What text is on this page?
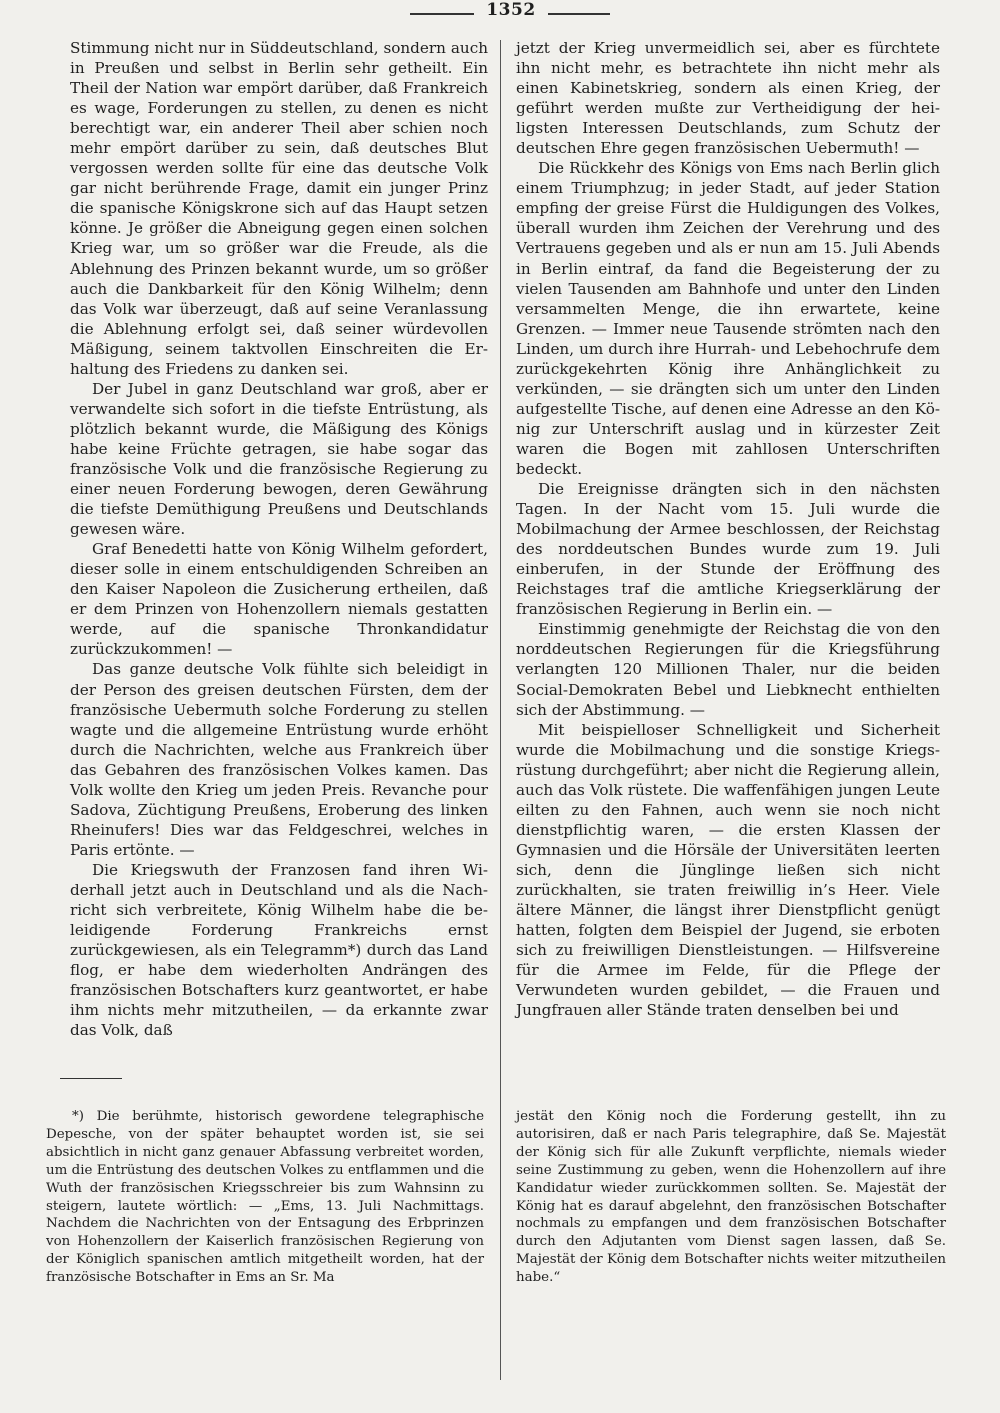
1352

Stimmung nicht nur in Süddeutschland, sondern auch in Preußen und selbst in Berlin sehr getheilt. Ein Theil der Nation war empört darüber, daß Frankreich es wage, Forderungen zu stellen, zu denen es nicht berechtigt war, ein anderer Theil aber schien noch mehr empört darüber zu sein, daß deutsches Blut vergossen werden sollte für eine das deutsche Volk gar nicht berührende Frage, damit ein junger Prinz die spanische Königskrone sich auf das Haupt setzen könne. Je größer die Abneigung gegen einen solchen Krieg war, um so größer war die Freude, als die Ablehnung des Prinzen bekannt wurde, um so größer auch die Dankbarkeit für den König Wilhelm; denn das Volk war überzeugt, daß auf seine Veranlassung die Ablehnung erfolgt sei, daß seiner würdevollen Mäßigung, seinem taktvollen Einschreiten die Erhaltung des Friedens zu danken sei.

Der Jubel in ganz Deutschland war groß, aber er verwandelte sich sofort in die tiefste Entrüstung, als plötzlich bekannt wurde, die Mäßigung des Königs habe keine Früchte getragen, sie habe sogar das französische Volk und die französische Regierung zu einer neuen Forderung bewogen, deren Gewährung die tiefste Demüthigung Preußens und Deutschlands gewesen wäre.

Graf Benedetti hatte von König Wilhelm gefordert, dieser solle in einem entschuldigenden Schreiben an den Kaiser Napoleon die Zusicherung ertheilen, daß er dem Prinzen von Hohenzollern niemals gestatten werde, auf die spanische Thronkandidatur zurückzukommen! —

Das ganze deutsche Volk fühlte sich beleidigt in der Person des greisen deutschen Fürsten, dem der französische Uebermuth solche Forderung zu stellen wagte und die allgemeine Entrüstung wurde erhöht durch die Nachrichten, welche aus Frankreich über das Gebahren des französischen Volkes kamen. Das Volk wollte den Krieg um jeden Preis. Revanche pour Sadova, Züchtigung Preußens, Eroberung des linken Rheinufers! Dies war das Feldgeschrei, welches in Paris ertönte. —

Die Kriegswuth der Franzosen fand ihren Widerhall jetzt auch in Deutschland und als die Nachricht sich verbreitete, König Wilhelm habe die beleidigende Forderung Frankreichs ernst zurückgewiesen, als ein Telegramm*) durch das Land flog, er habe dem wiederholten Andrängen des französischen Botschafters kurz geantwortet, er habe ihm nichts mehr mitzutheilen, — da erkannte zwar das Volk, daß

jetzt der Krieg unvermeidlich sei, aber es fürchtete ihn nicht mehr, es betrachtete ihn nicht mehr als einen Kabinetskrieg, sondern als einen Krieg, der geführt werden mußte zur Vertheidigung der heiligsten Interessen Deutschlands, zum Schutz der deutschen Ehre gegen französischen Uebermuth! —

Die Rückkehr des Königs von Ems nach Berlin glich einem Triumphzug; in jeder Stadt, auf jeder Station empfing der greise Fürst die Huldigungen des Volkes, überall wurden ihm Zeichen der Verehrung und des Vertrauens gegeben und als er nun am 15. Juli Abends in Berlin eintraf, da fand die Begeisterung der zu vielen Tausenden am Bahnhofe und unter den Linden versammelten Menge, die ihn erwartete, keine Grenzen. — Immer neue Tausende strömten nach den Linden, um durch ihre Hurrah- und Lebehochrufe dem zurückgekehrten König ihre Anhänglichkeit zu verkünden, — sie drängten sich um unter den Linden aufgestellte Tische, auf denen eine Adresse an den König zur Unterschrift auslag und in kürzester Zeit waren die Bogen mit zahllosen Unterschriften bedeckt.

Die Ereignisse drängten sich in den nächsten Tagen. In der Nacht vom 15. Juli wurde die Mobilmachung der Armee beschlossen, der Reichstag des norddeutschen Bundes wurde zum 19. Juli einberufen, in der Stunde der Eröffnung des Reichstages traf die amtliche Kriegserklärung der französischen Regierung in Berlin ein. —

Einstimmig genehmigte der Reichstag die von den norddeutschen Regierungen für die Kriegsführung verlangten 120 Millionen Thaler, nur die beiden Social-Demokraten Bebel und Liebknecht enthielten sich der Abstimmung. —

Mit beispielloser Schnelligkeit und Sicherheit wurde die Mobilmachung und die sonstige Kriegsrüstung durchgeführt; aber nicht die Regierung allein, auch das Volk rüstete. Die waffenfähigen jungen Leute eilten zu den Fahnen, auch wenn sie noch nicht dienstpflichtig waren, — die ersten Klassen der Gymnasien und die Hörsäle der Universitäten leerten sich, denn die Jünglinge ließen sich nicht zurückhalten, sie traten freiwillig in’s Heer. Viele ältere Männer, die längst ihrer Dienstpflicht genügt hatten, folgten dem Beispiel der Jugend, sie erboten sich zu freiwilligen Dienstleistungen. — Hilfsvereine für die Armee im Felde, für die Pflege der Verwundeten wurden gebildet, — die Frauen und Jungfrauen aller Stände traten denselben bei und

*) Die berühmte, historisch gewordene telegraphische Depesche, von der später behauptet worden ist, sie sei absichtlich in nicht ganz genauer Abfassung verbreitet worden, um die Entrüstung des deutschen Volkes zu entflammen und die Wuth der französischen Kriegsschreier bis zum Wahnsinn zu steigern, lautete wörtlich: — „Ems, 13. Juli Nachmittags. Nachdem die Nachrichten von der Entsagung des Erbprinzen von Hohenzollern der Kaiserlich französischen Regierung von der Königlich spanischen amtlich mitgetheilt worden, hat der französische Botschafter in Ems an Sr. Ma

jestät den König noch die Forderung gestellt, ihn zu autorisiren, daß er nach Paris telegraphire, daß Se. Majestät der König sich für alle Zukunft verpflichte, niemals wieder seine Zustimmung zu geben, wenn die Hohenzollern auf ihre Kandidatur wieder zurückkommen sollten. Se. Majestät der König hat es darauf abgelehnt, den französischen Botschafter nochmals zu empfangen und dem französischen Botschafter durch den Adjutanten vom Dienst sagen lassen, daß Se. Majestät der König dem Botschafter nichts weiter mitzutheilen habe.“
